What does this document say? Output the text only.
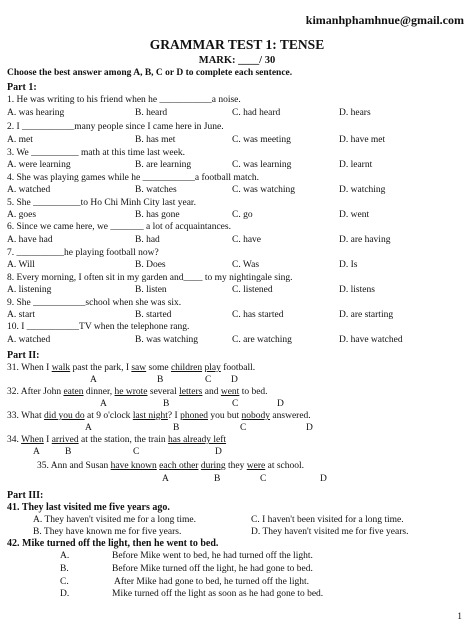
kimanhphamhnue@gmail.com
GRAMMAR TEST 1: TENSE
MARK: ____/ 30
Choose the best answer among A, B, C or D to complete each sentence.
Part 1:
1. He was writing to his friend when he ___________a noise.
A. was hearing	B. heard	C. had heard	D. hears
2. I ___________many people since I came here in June.
A. met	B. has met	C. was meeting	D. have met
3. We __________ math at this time last week.
A. were learning	B. are learning	C. was learning	D. learnt
4. She was playing games while he ___________a football match.
A. watched	B. watches	C. was watching	D. watching
5. She __________to Ho Chi Minh City last year.
A. goes	B. has gone	C. go	D. went
6. Since we came here, we _______ a lot of acquaintances.
A. have had	B. had	C. have	D. are having
7. __________he playing football now?
A. Will	B. Does	C. Was	D. Is
8. Every morning, I often sit in my garden and____ to my nightingale sing.
A. listening	B. listen	C. listened	D. listens
9. She ___________school when she was six.
A. start	B. started	C. has started	D. are starting
10. I ___________TV when the telephone rang.
A. watched	B. was watching	C. are watching	D. have watched
Part II:
31. When I walk past the park, I saw some children play football.
A	B	C D
32. After John eaten dinner, he wrote several letters and went to bed.
A	B	C	D
33. What did you do at 9 o'clock last night? I phoned you but nobody answered.
A	B	C	D
34. When I arrived at the station, the train has already left
A	B	C	D
35. Ann and Susan have known each other during they were at school.
A	B	C	D
Part III:
41. They last visited me five years ago.
A. They haven't visited me for a long time.	C. I haven't been visited for a long time.
B. They have known me for five years.	D. They haven't visited me for five years.
42. Mike turned off the light, then he went to bed.
A.	Before Mike went to bed, he had turned off the light.
B.	Before Mike turned off the light, he had gone to bed.
C.	After Mike had gone to bed, he turned off the light.
D.	Mike turned off the light as soon as he had gone to bed.
1
